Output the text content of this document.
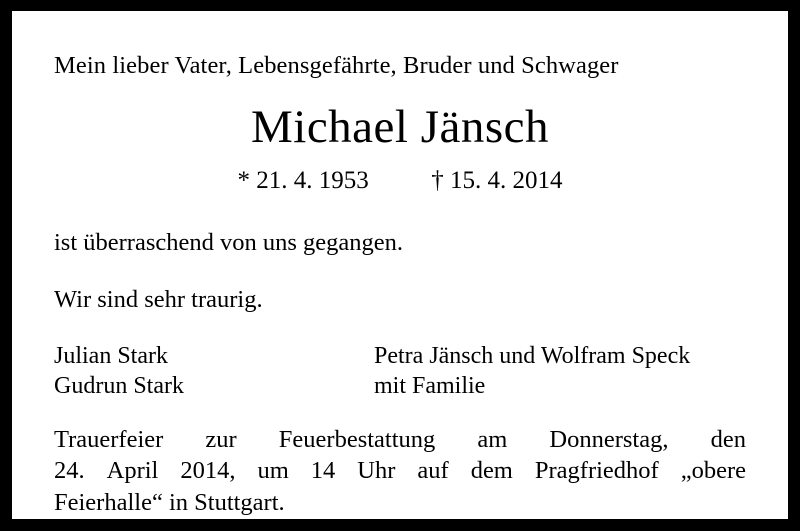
Mein lieber Vater, Lebensgefährte, Bruder und Schwager
Michael Jänsch
* 21. 4. 1953	† 15. 4. 2014
ist überraschend von uns gegangen.
Wir sind sehr traurig.
Julian Stark
Gudrun Stark
Petra Jänsch und Wolfram Speck
mit Familie
Trauerfeier zur Feuerbestattung am Donnerstag, den
24. April 2014, um 14 Uhr auf dem Pragfriedhof „obere
Feierhalle“ in Stuttgart.
